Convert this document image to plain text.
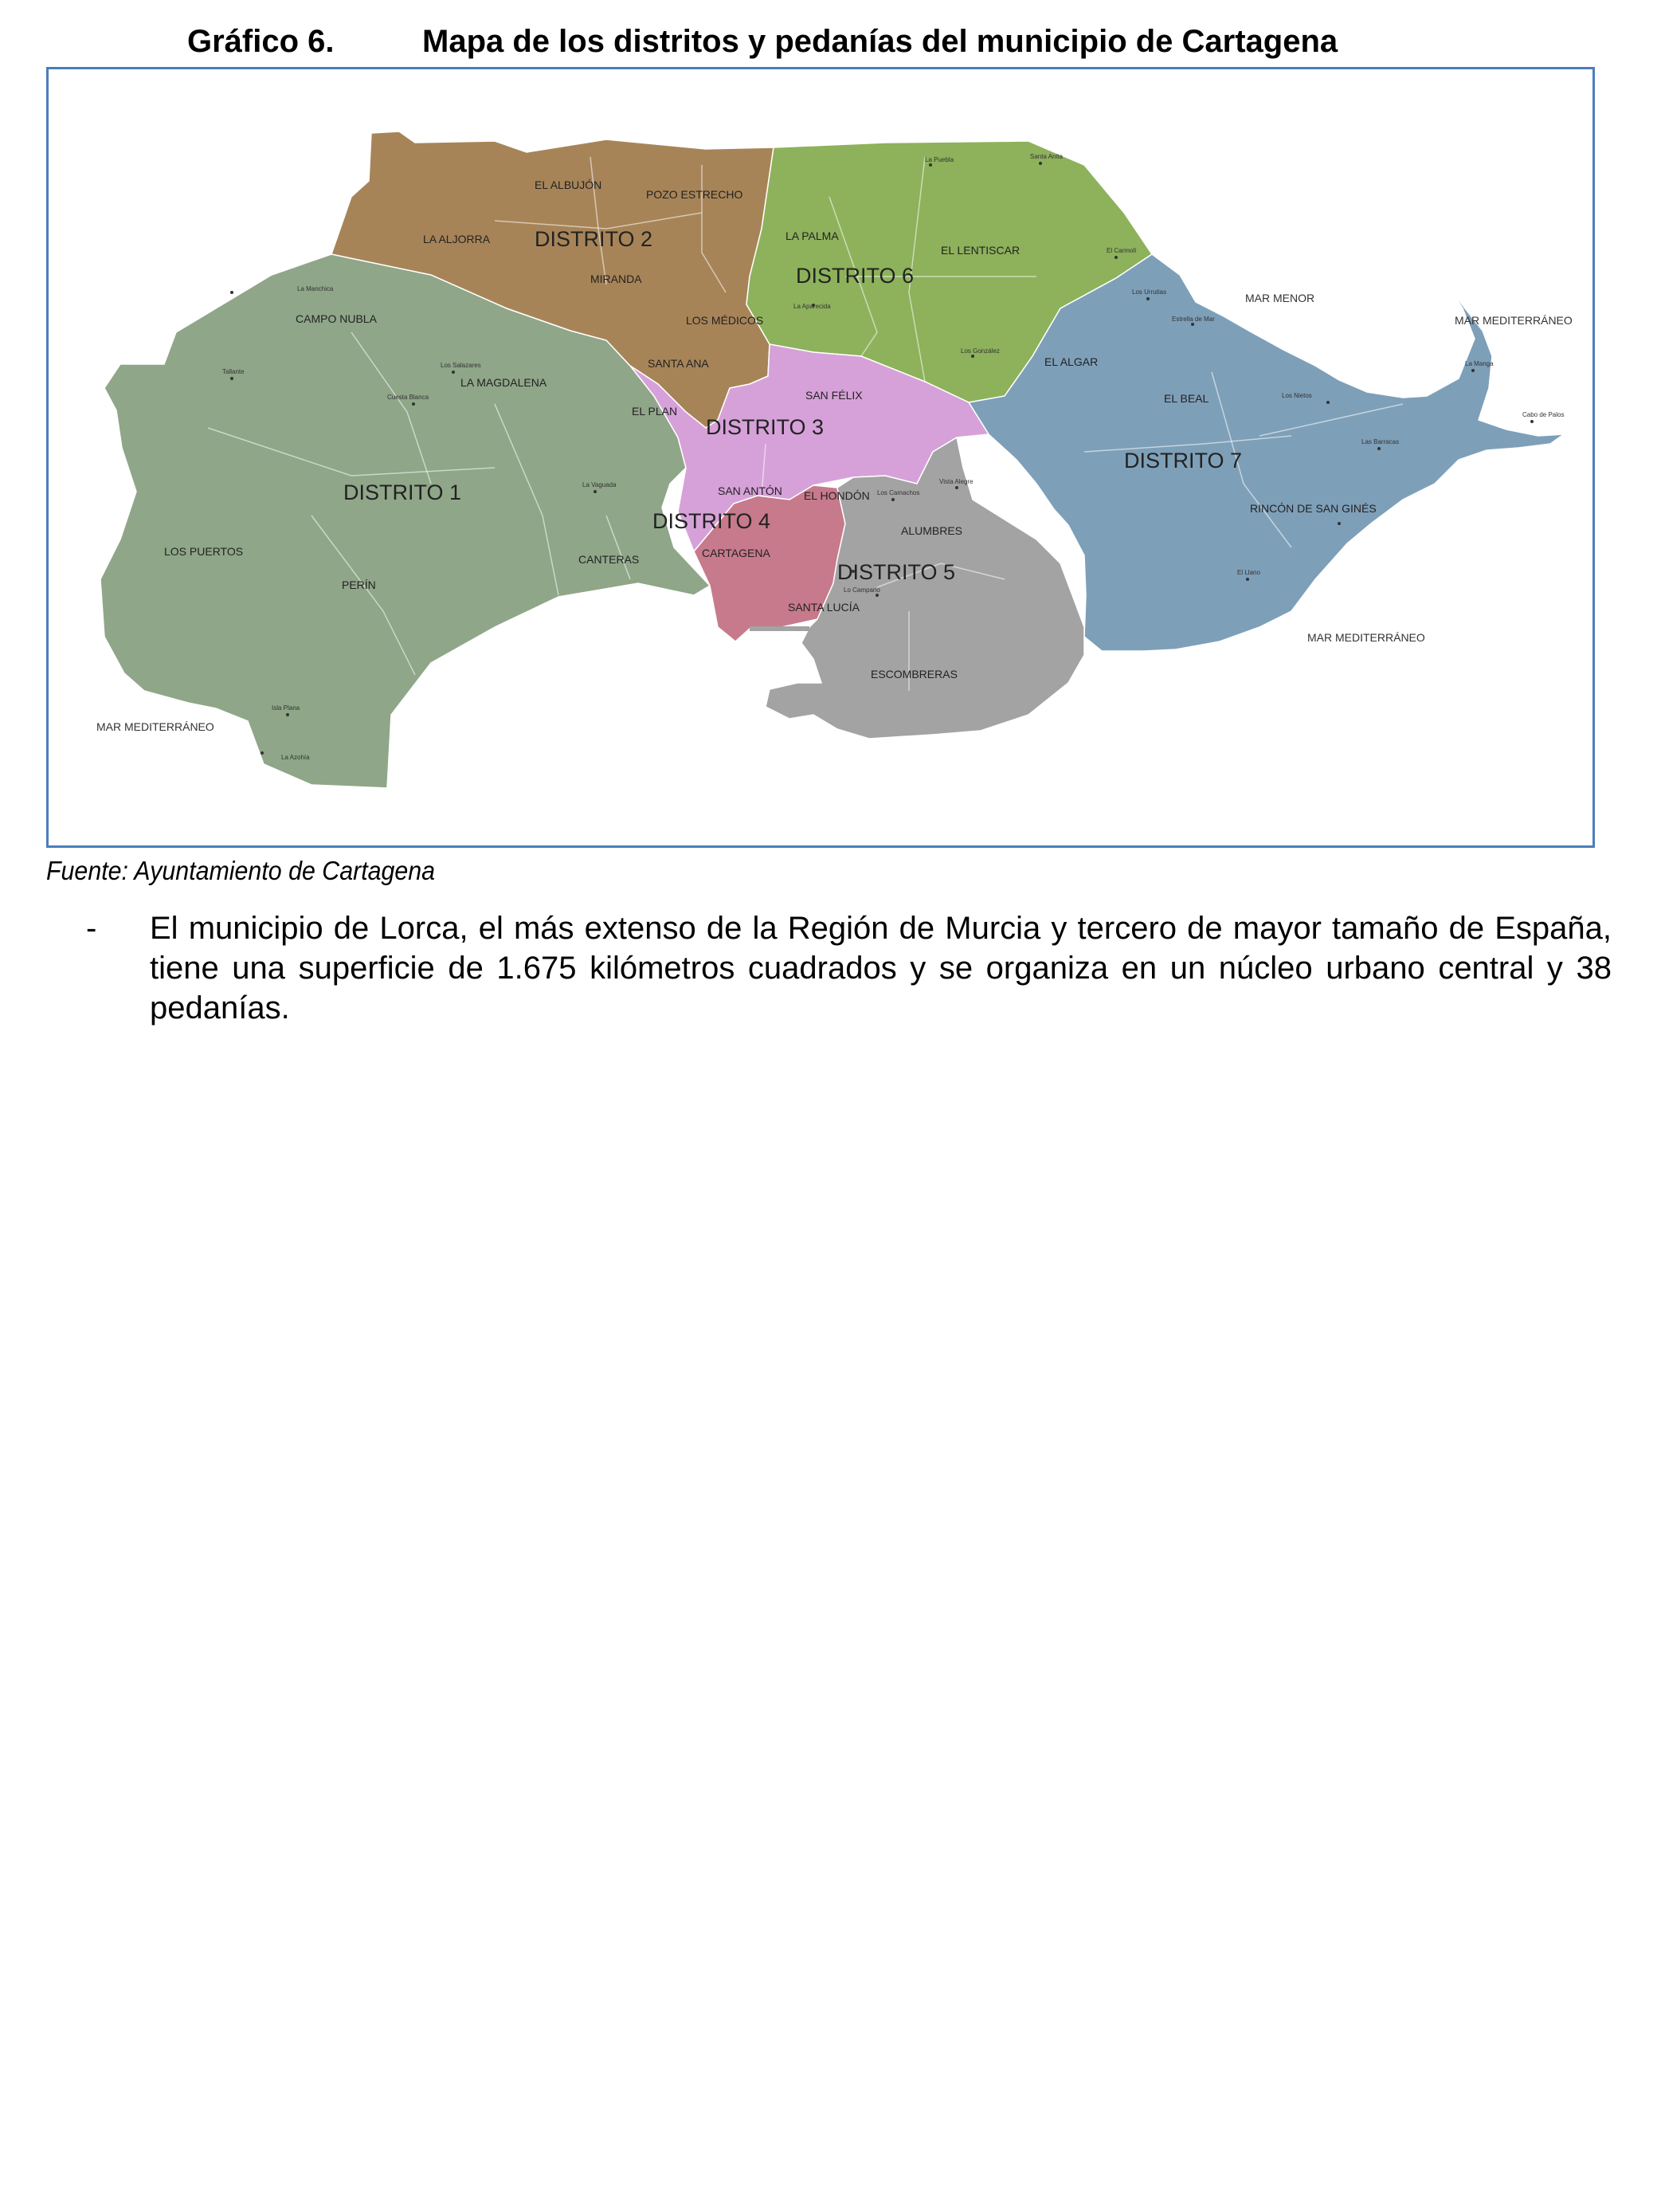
Gráfico 6.	Mapa de los distritos y pedanías del municipio de Cartagena
DISTRITO 2
DISTRITO 6
DISTRITO 3
DISTRITO 7
DISTRITO 1
DISTRITO 4
DISTRITO 5
EL ALBUJÓN
POZO ESTRECHO
LA ALJORRA
MIRANDA
LOS MÉDICOS
SANTA ANA
LA PALMA
EL LENTISCAR
EL ALGAR
EL BEAL
CAMPO NUBLA
LA MAGDALENA
EL PLAN
SAN FÉLIX
SAN ANTÓN EL HONDÓN
ALUMBRES
CANTERAS	CARTAGENA
SANTA LUCÍA
ESCOMBRERAS
LOS PUERTOS
PERÍN
RINCÓN DE SAN GINÉS
MAR MENOR
MAR MEDITERRÁNEO
MAR MEDITERRÁNEO
MAR MEDITERRÁNEO
La Puebla	Santa Anita
El Carmolí
Los Urrutias
Estrella de Mar
Los Nietos
La Manga
Cabo de Palos
Las Barracas
La Aparecida
Los González
La Manchica
Tallante
Los Salazares
Cuesta Blanca
La Vaguada
Lo Campano
Los Camachos
Vista Alegre
El Llano
La Azohía
Isla Plana
Fuente: Ayuntamiento de Cartagena
- El municipio de Lorca, el más extenso de la Región de Murcia y tercero de mayor tamaño de España, tiene una superficie de 1.675 kilómetros cuadrados y se organiza en un núcleo urbano central y 38 pedanías.
